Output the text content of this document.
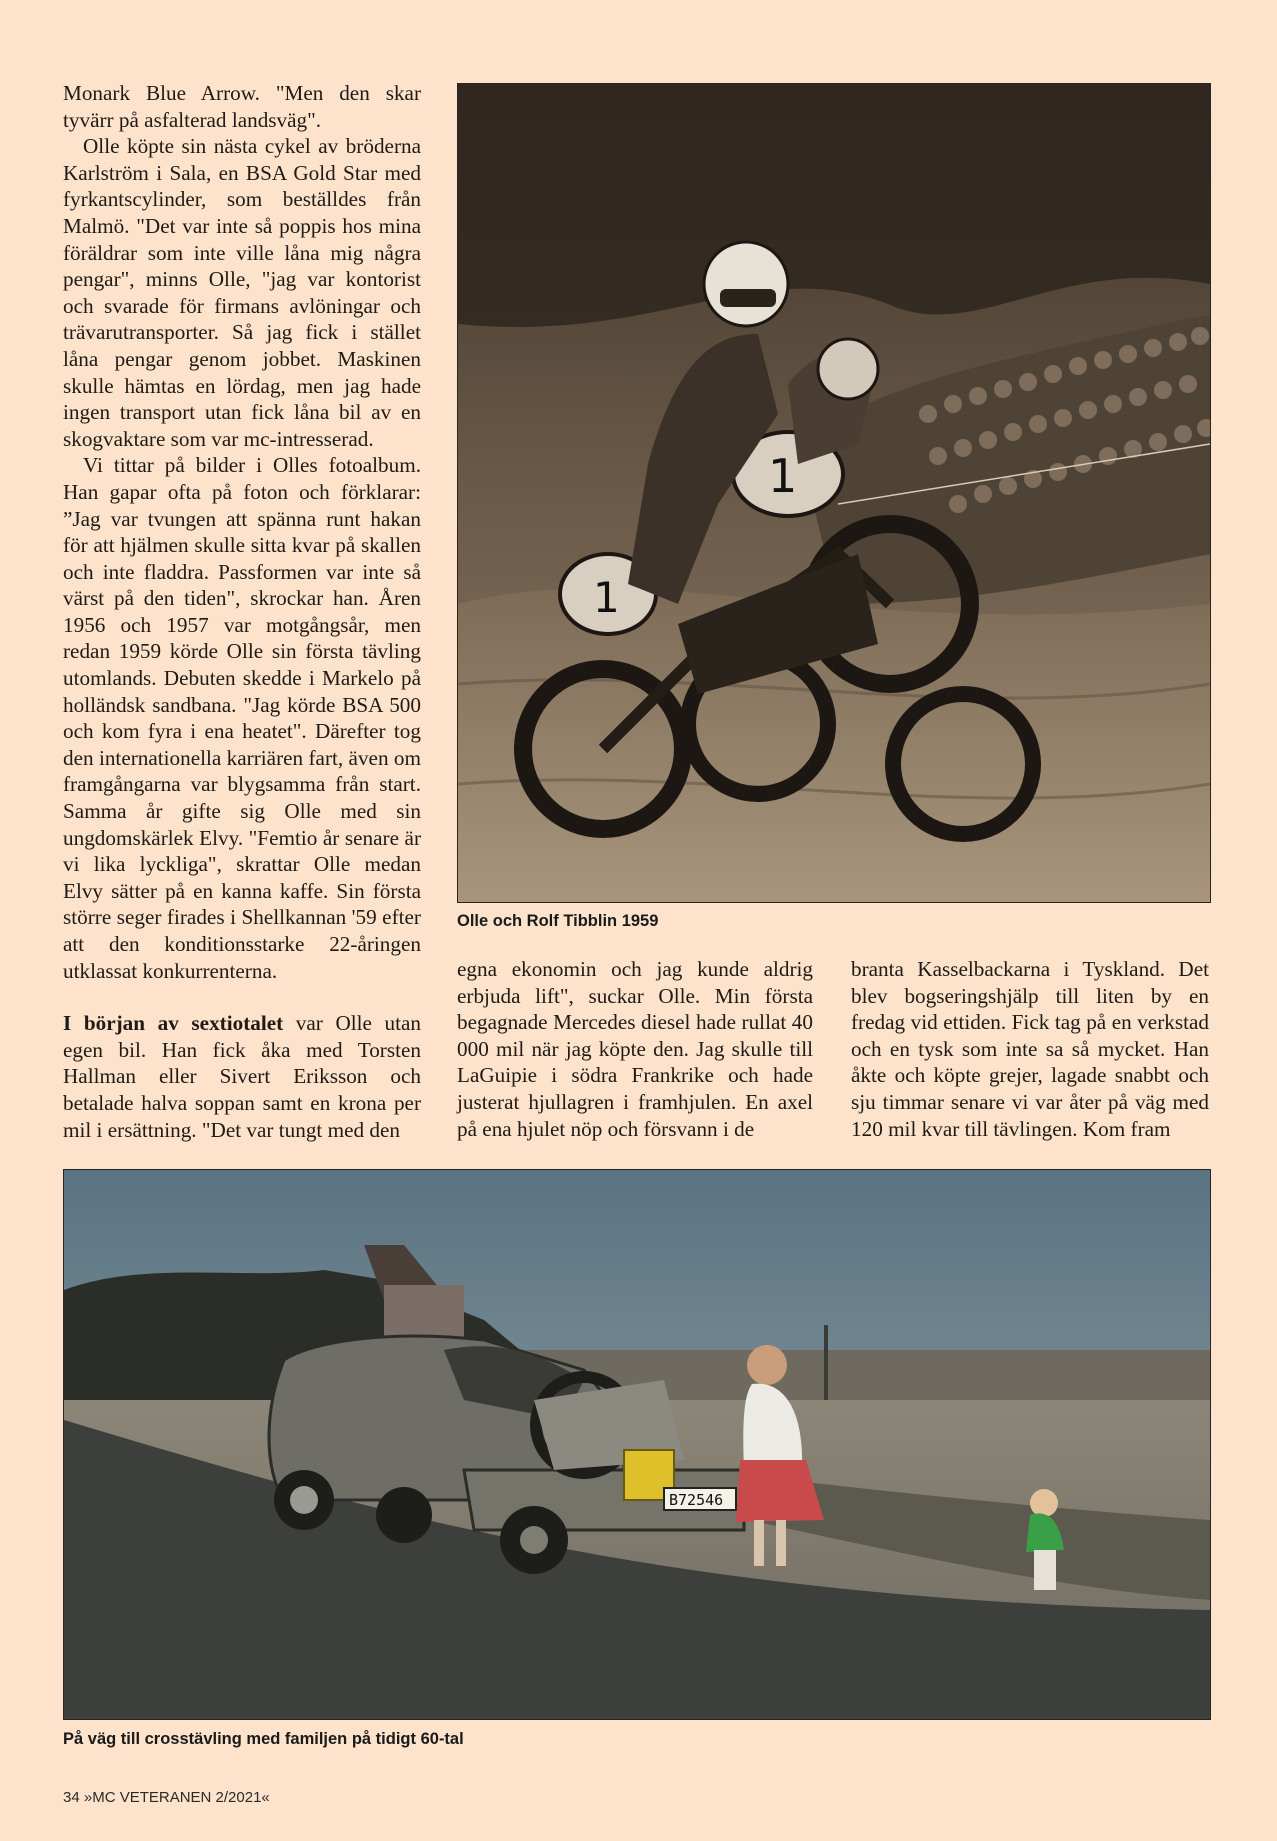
Monark Blue Arrow. "Men den skar tyvärr på asfalterad landsväg".

Olle köpte sin nästa cykel av bröderna Karlström i Sala, en BSA Gold Star med fyrkantscylinder, som beställdes från Malmö. "Det var inte så poppis hos mina föräldrar som inte ville låna mig några pengar", minns Olle, "jag var kontorist och svarade för firmans avlöningar och trävarutransporter. Så jag fick i stället låna pengar genom jobbet. Maskinen skulle hämtas en lördag, men jag hade ingen transport utan fick låna bil av en skogvaktare som var mc-intresserad.

Vi tittar på bilder i Olles fotoalbum. Han gapar ofta på foton och förklarar: ”Jag var tvungen att spänna runt hakan för att hjälmen skulle sitta kvar på skallen och inte fladdra. Passformen var inte så värst på den tiden", skrockar han. Åren 1956 och 1957 var motgångsår, men redan 1959 körde Olle sin första tävling utomlands. Debuten skedde i Markelo på holländsk sandbana. "Jag körde BSA 500 och kom fyra i ena heatet". Därefter tog den internationella karriären fart, även om framgångarna var blygsamma från start. Samma år gifte sig Olle med sin ungdomskärlek Elvy. "Femtio år senare är vi lika lyckliga", skrattar Olle medan Elvy sätter på en kanna kaffe. Sin första större seger firades i Shellkannan '59 efter att den konditionsstarke 22-åringen utklassat konkurrenterna.

I början av sextiotalet var Olle utan egen bil. Han fick åka med Torsten Hallman eller Sivert Eriksson och betalade halva soppan samt en krona per mil i ersättning. "Det var tungt med den

1
1
Olle och Rolf Tibblin 1959

egna ekonomin och jag kunde aldrig erbjuda lift", suckar Olle. Min första begagnade Mercedes diesel hade rullat 40 000 mil när jag köpte den. Jag skulle till LaGuipie i södra Frankrike och hade justerat hjullagren i framhjulen. En axel på ena hjulet nöp och försvann i de

branta Kasselbackarna i Tyskland. Det blev bogseringshjälp till liten by en fredag vid ettiden. Fick tag på en verkstad och en tysk som inte sa så mycket. Han åkte och köpte grejer, lagade snabbt och sju timmar senare vi var åter på väg med 120 mil kvar till tävlingen. Kom fram

B72546
På väg till crosstävling med familjen på tidigt 60-tal
34 »MC VETERANEN 2/2021«
